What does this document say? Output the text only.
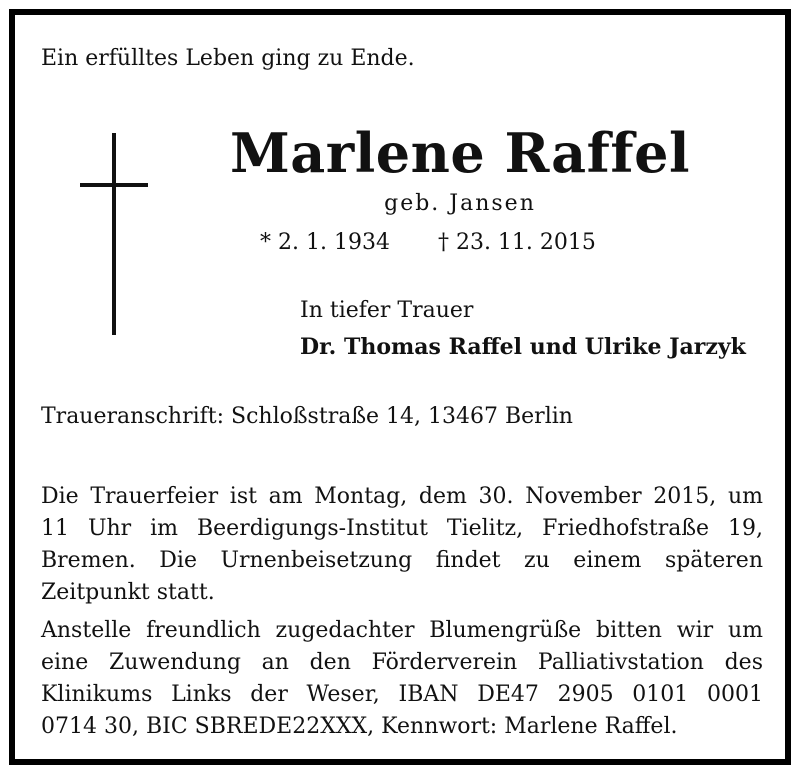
Ein erfülltes Leben ging zu Ende.
Marlene Raffel
geb. Jansen
* 2. 1. 1934 † 23. 11. 2015
In tiefer Trauer
Dr. Thomas Raffel und Ulrike Jarzyk
Traueranschrift: Schloßstraße 14, 13467 Berlin
Die Trauerfeier ist am Montag, dem 30. November 2015, um
11 Uhr im Beerdigungs-Institut Tielitz, Friedhofstraße 19,
Bremen. Die Urnenbeisetzung findet zu einem späteren
Zeitpunkt statt.
Anstelle freundlich zugedachter Blumengrüße bitten wir um
eine Zuwendung an den Förderverein Palliativstation des
Klinikums Links der Weser, IBAN DE47 2905 0101 0001
0714 30, BIC SBREDE22XXX, Kennwort: Marlene Raffel.
